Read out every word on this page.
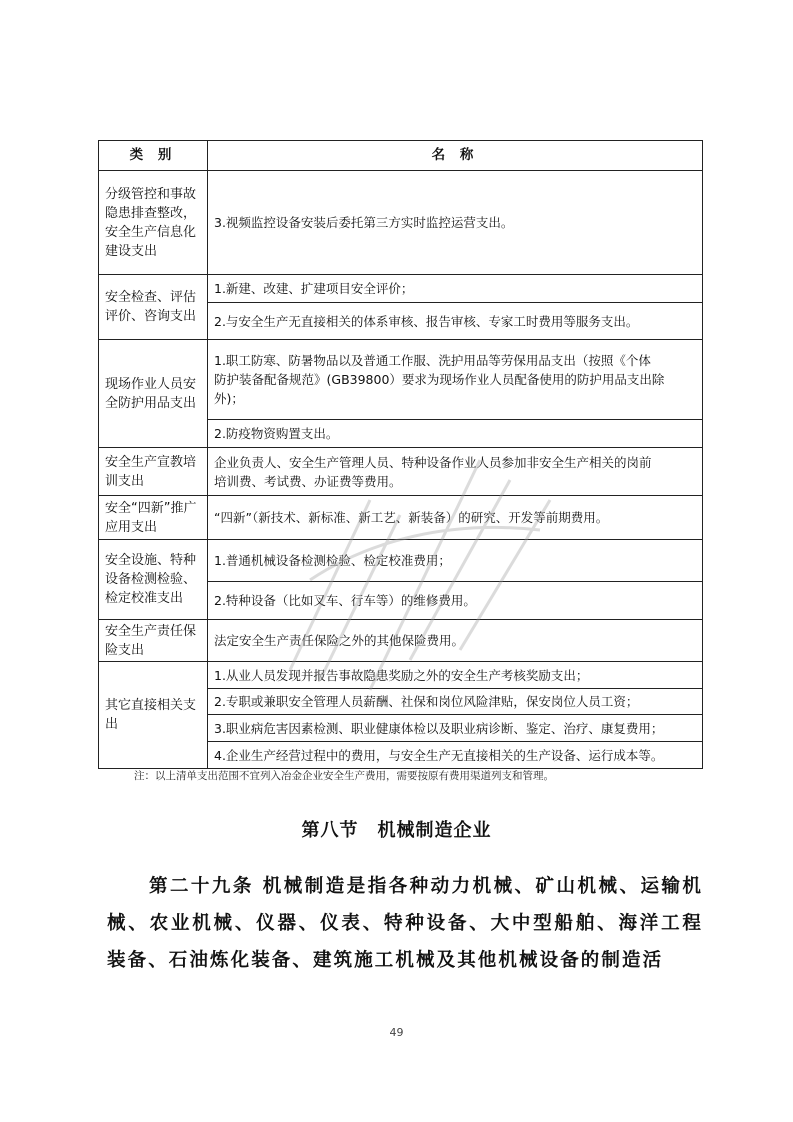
类 别	名 称
分级管控和事故隐患排查整改，安全生产信息化建设支出	3.视频监控设备安装后委托第三方实时监控运营支出。
安全检查、评估评价、咨询支出	1.新建、改建、扩建项目安全评价；
	2.与安全生产无直接相关的体系审核、报告审核、专家工时费用等服务支出。
现场作业人员安全防护用品支出	1.职工防寒、防暑物品以及普通工作服、洗护用品等劳保用品支出（按照《个体
防护装备配备规范》(GB39800）要求为现场作业人员配备使用的防护用品支出除
外)；
	2.防疫物资购置支出。
安全生产宣教培训支出	企业负责人、安全生产管理人员、特种设备作业人员参加非安全生产相关的岗前
培训费、考试费、办证费等费用。
安全“四新”推广应用支出	“四新”（新技术、新标准、新工艺、新装备）的研究、开发等前期费用。
安全设施、特种设备检测检验、检定校准支出	1.普通机械设备检测检验、检定校准费用；
	2.特种设备（比如叉车、行车等）的维修费用。
安全生产责任保险支出	法定安全生产责任保险之外的其他保险费用。
其它直接相关支出	1.从业人员发现并报告事故隐患奖励之外的安全生产考核奖励支出；
	2.专职或兼职安全管理人员薪酬、社保和岗位风险津贴，保安岗位人员工资；
	3.职业病危害因素检测、职业健康体检以及职业病诊断、鉴定、治疗、康复费用；
	4.企业生产经营过程中的费用，与安全生产无直接相关的生产设备、运行成本等。
注：以上清单支出范围不宜列入冶金企业安全生产费用，需要按原有费用渠道列支和管理。
第八节　机械制造企业
　　第二十九条 机械制造是指各种动力机械、矿山机械、运输机械、农业机械、仪器、仪表、特种设备、大中型船舶、海洋工程装备、石油炼化装备、建筑施工机械及其他机械设备的制造活
49
